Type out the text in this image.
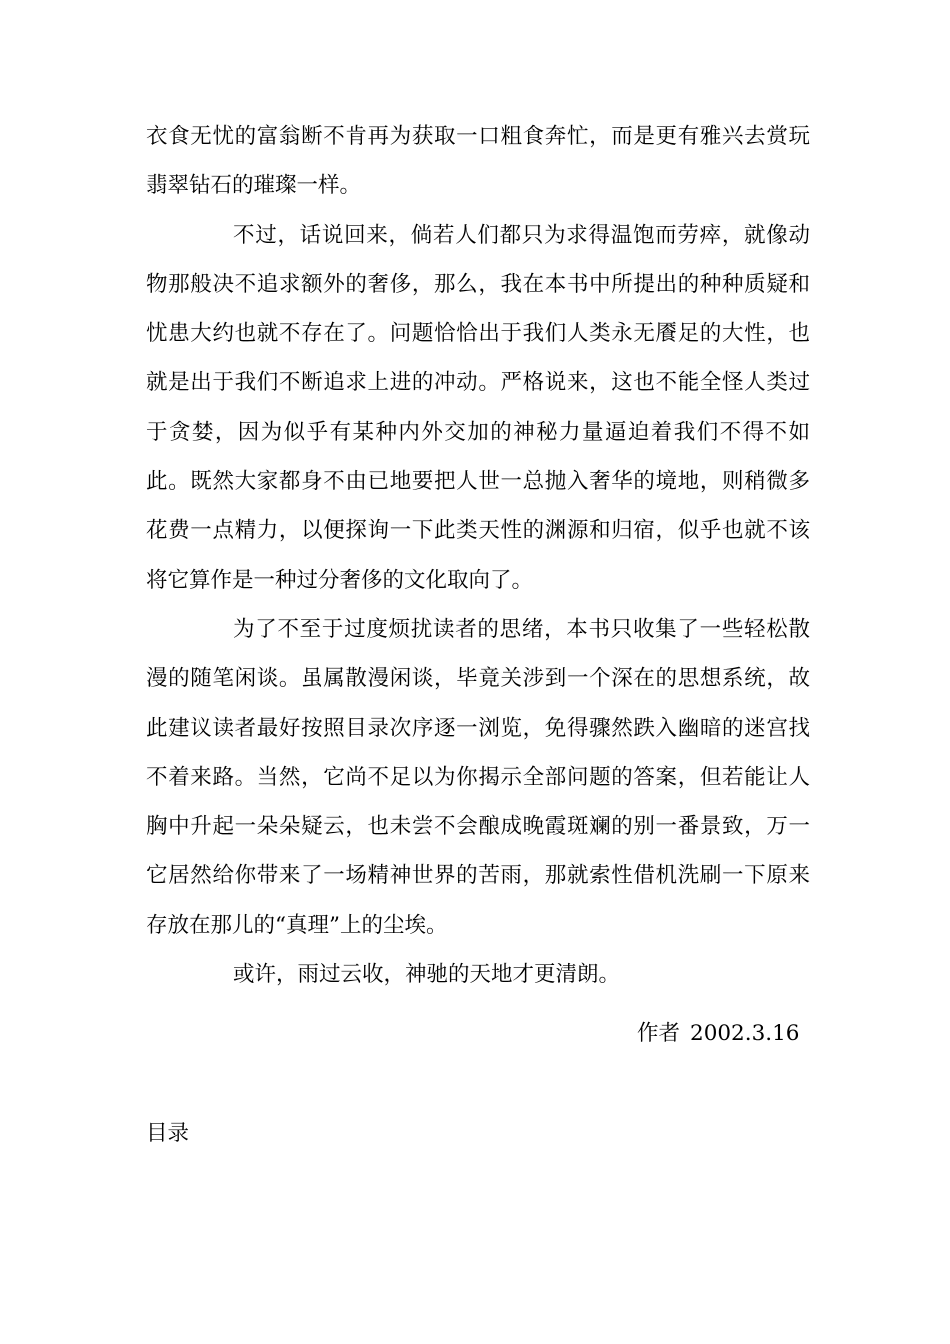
衣食无忧的富翁断不肯再为获取一口粗食奔忙，而是更有雅兴去赏玩翡翠钻石的璀璨一样。

不过，话说回来，倘若人们都只为求得温饱而劳瘁，就像动物那般决不追求额外的奢侈，那么，我在本书中所提出的种种质疑和忧患大约也就不存在了。问题恰恰出于我们人类永无餍足的大性，也就是出于我们不断追求上进的冲动。严格说来，这也不能全怪人类过于贪婪，因为似乎有某种内外交加的神秘力量逼迫着我们不得不如此。既然大家都身不由已地要把人世一总抛入奢华的境地，则稍微多花费一点精力，以便探询一下此类天性的渊源和归宿，似乎也就不该将它算作是一种过分奢侈的文化取向了。

为了不至于过度烦扰读者的思绪，本书只收集了一些轻松散漫的随笔闲谈。虽属散漫闲谈，毕竟关涉到一个深在的思想系统，故此建议读者最好按照目录次序逐一浏览，免得骤然跌入幽暗的迷宫找不着来路。当然，它尚不足以为你揭示全部问题的答案，但若能让人胸中升起一朵朵疑云，也未尝不会酿成晚霞斑斓的别一番景致，万一它居然给你带来了一场精神世界的苦雨，那就索性借机洗刷一下原来存放在那儿的“真理”上的尘埃。

或许，雨过云收，神驰的天地才更清朗。

作者 2002.3.16
目录
